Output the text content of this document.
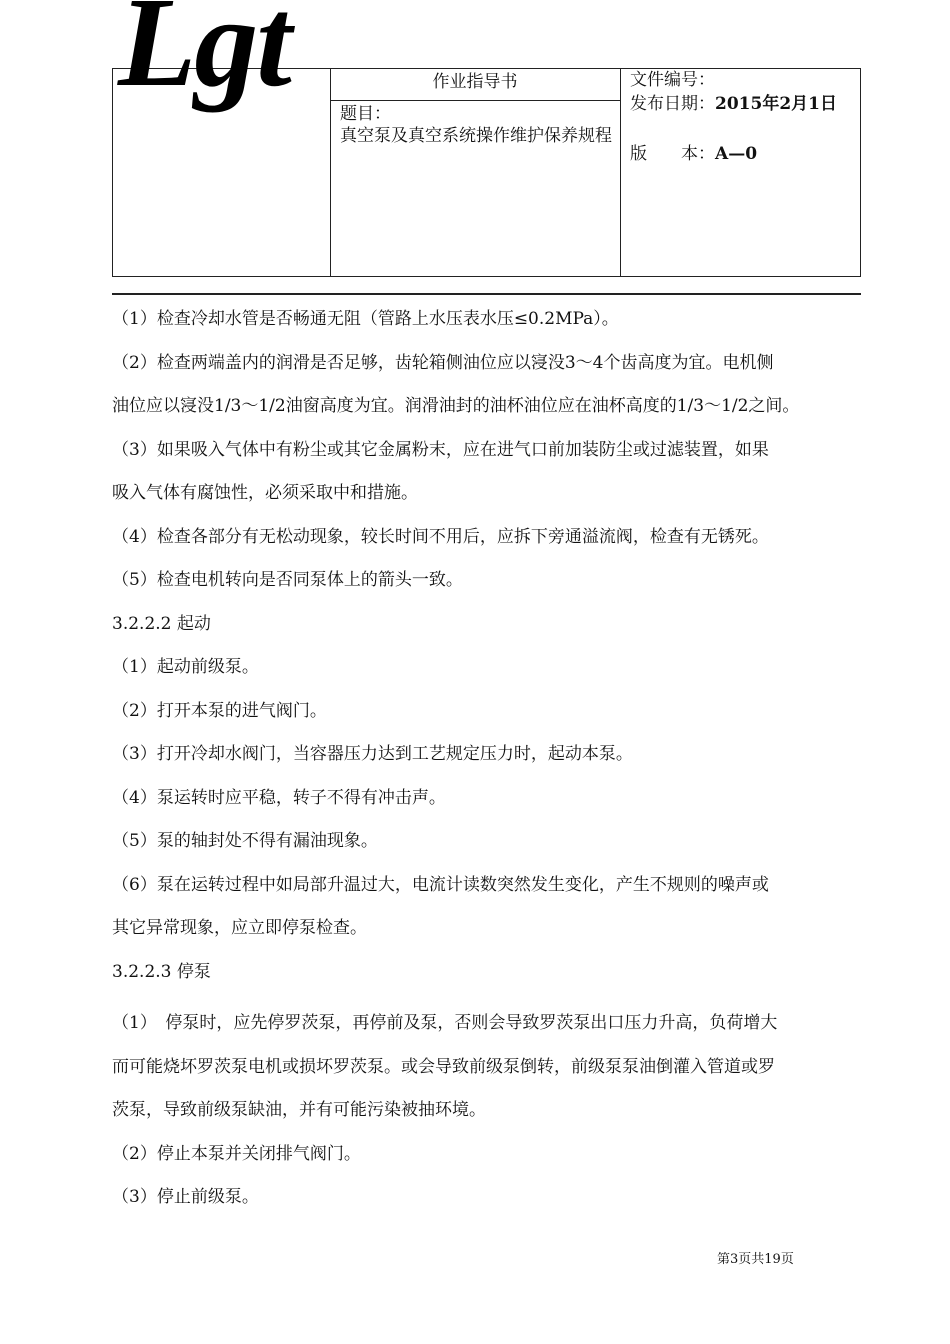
Lgt	作业指导书
题目：
真空泵及真空系统操作维护保养规程
文件编号：
发布日期：2015年2月1日
版　　本：A—0

（1）检查冷却水管是否畅通无阻（管路上水压表水压≤0.2MPa）。

（2）检查两端盖内的润滑是否足够，齿轮箱侧油位应以寖没3～4个齿高度为宜。电机侧

油位应以寖没1/3～1/2油窗高度为宜。润滑油封的油杯油位应在油杯高度的1/3～1/2之间。

（3）如果吸入气体中有粉尘或其它金属粉末，应在进气口前加装防尘或过滤装置，如果

吸入气体有腐蚀性，必须采取中和措施。

（4）检查各部分有无松动现象，较长时间不用后，应拆下旁通溢流阀，检查有无锈死。

（5）检查电机转向是否同泵体上的箭头一致。

3.2.2.2 起动

（1）起动前级泵。

（2）打开本泵的进气阀门。

（3）打开冷却水阀门，当容器压力达到工艺规定压力时，起动本泵。

（4）泵运转时应平稳，转子不得有冲击声。

（5）泵的轴封处不得有漏油现象。

（6）泵在运转过程中如局部升温过大，电流计读数突然发生变化，产生不规则的噪声或

其它异常现象，应立即停泵检查。

3.2.2.3 停泵

（1）　停泵时，应先停罗茨泵，再停前及泵，否则会导致罗茨泵出口压力升高，负荷增大

而可能烧坏罗茨泵电机或损坏罗茨泵。或会导致前级泵倒转，前级泵泵油倒灌入管道或罗

茨泵，导致前级泵缺油，并有可能污染被抽环境。

（2）停止本泵并关闭排气阀门。

（3）停止前级泵。

第3页共19页
